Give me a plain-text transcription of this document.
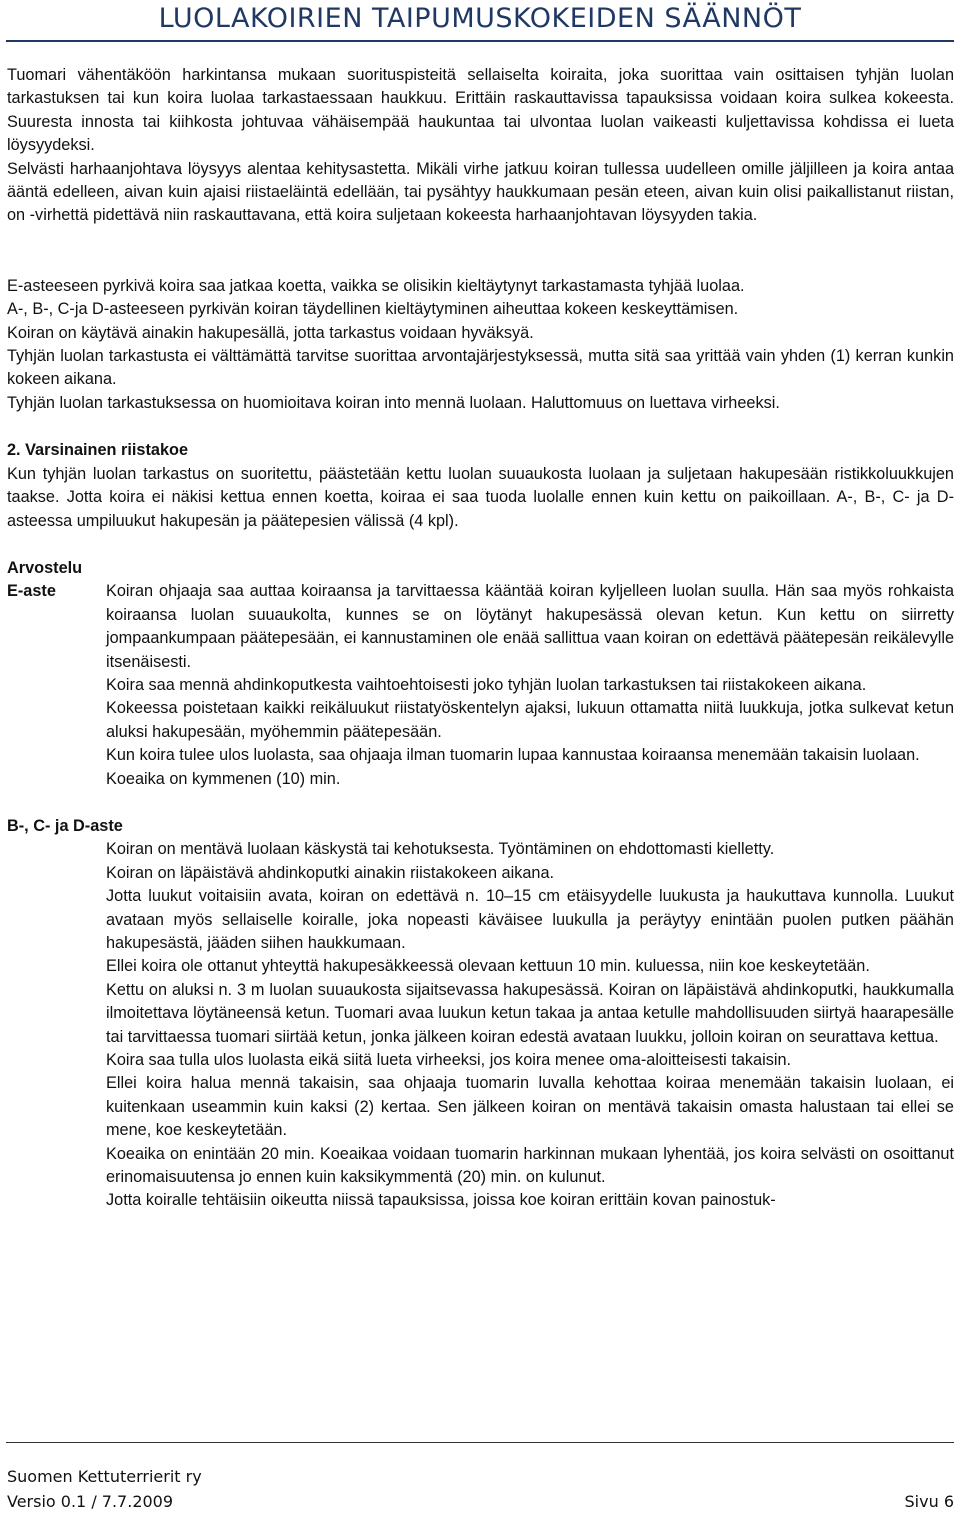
LUOLAKOIRIEN TAIPUMUSKOKEIDEN SÄÄNNÖT

Tuomari vähentäköön harkintansa mukaan suorituspisteitä sellaiselta koiraita, joka suorittaa vain osittaisen tyhjän luolan tarkastuksen tai kun koira luolaa tarkastaessaan haukkuu. Erittäin raskauttavissa tapauksissa voidaan koira sulkea kokeesta. Suuresta innosta tai kiihkosta johtuvaa vähäisempää haukuntaa tai ulvontaa luolan vaikeasti kuljettavissa kohdissa ei lueta löysyydeksi.

Selvästi harhaanjohtava löysyys alentaa kehitysastetta. Mikäli virhe jatkuu koiran tullessa uudelleen omille jäljilleen ja koira antaa ääntä edelleen, aivan kuin ajaisi riistaeläintä edellään, tai pysähtyy haukkumaan pesän eteen, aivan kuin olisi paikallistanut riistan, on -virhettä pidettävä niin raskauttavana, että koira suljetaan kokeesta harhaanjohtavan löysyyden takia.

E-asteeseen pyrkivä koira saa jatkaa koetta, vaikka se olisikin kieltäytynyt tarkastamasta tyhjää luolaa.

A-, B-, C-ja D-asteeseen pyrkivän koiran täydellinen kieltäytyminen aiheuttaa kokeen keskeyttämisen.

Koiran on käytävä ainakin hakupesällä, jotta tarkastus voidaan hyväksyä.

Tyhjän luolan tarkastusta ei välttämättä tarvitse suorittaa arvontajärjestyksessä, mutta sitä saa yrittää vain yhden (1) kerran kunkin kokeen aikana.

Tyhjän luolan tarkastuksessa on huomioitava koiran into mennä luolaan. Haluttomuus on luettava virheeksi.

2. Varsinainen riistakoe

Kun tyhjän luolan tarkastus on suoritettu, päästetään kettu luolan suuaukosta luolaan ja suljetaan hakupesään ristikkoluukkujen taakse. Jotta koira ei näkisi kettua ennen koetta, koiraa ei saa tuoda luolalle ennen kuin kettu on paikoillaan. A-, B-, C- ja D-asteessa umpiluukut hakupesän ja päätepesien välissä (4 kpl).

Arvostelu

E-aste	Koiran ohjaaja saa auttaa koiraansa ja tarvittaessa kääntää koiran kyljelleen luolan suulla. Hän saa myös rohkaista koiraansa luolan suuaukolta, kunnes se on löytänyt hakupesässä olevan ketun. Kun kettu on siirretty jompaankumpaan päätepesään, ei kannustaminen ole enää sallittua vaan koiran on edettävä päätepesän reikälevylle itsenäisesti.

Koira saa mennä ahdinkoputkesta vaihtoehtoisesti joko tyhjän luolan tarkastuksen tai riistakokeen aikana.

Kokeessa poistetaan kaikki reikäluukut riistatyöskentelyn ajaksi, lukuun ottamatta niitä luukkuja, jotka sulkevat ketun aluksi hakupesään, myöhemmin päätepesään.

Kun koira tulee ulos luolasta, saa ohjaaja ilman tuomarin lupaa kannustaa koiraansa menemään takaisin luolaan.

Koeaika on kymmenen (10) min.

B-, C- ja D-aste

Koiran on mentävä luolaan käskystä tai kehotuksesta. Työntäminen on ehdottomasti kielletty.

Koiran on läpäistävä ahdinkoputki ainakin riistakokeen aikana.

Jotta luukut voitaisiin avata, koiran on edettävä n. 10–15 cm etäisyydelle luukusta ja haukuttava kunnolla. Luukut avataan myös sellaiselle koiralle, joka nopeasti käväisee luukulla ja peräytyy enintään puolen putken päähän hakupesästä, jääden siihen haukkumaan.

Ellei koira ole ottanut yhteyttä hakupesäkkeessä olevaan kettuun 10 min. kuluessa, niin koe keskeytetään.

Kettu on aluksi n. 3 m luolan suuaukosta sijaitsevassa hakupesässä. Koiran on läpäistävä ahdinkoputki, haukkumalla ilmoitettava löytäneensä ketun. Tuomari avaa luukun ketun takaa ja antaa ketulle mahdollisuuden siirtyä haarapesälle tai tarvittaessa tuomari siirtää ketun, jonka jälkeen koiran edestä avataan luukku, jolloin koiran on seurattava kettua.

Koira saa tulla ulos luolasta eikä siitä lueta virheeksi, jos koira menee oma-aloitteisesti takaisin.

Ellei koira halua mennä takaisin, saa ohjaaja tuomarin luvalla kehottaa koiraa menemään takaisin luolaan, ei kuitenkaan useammin kuin kaksi (2) kertaa. Sen jälkeen koiran on mentävä takaisin omasta halustaan tai ellei se mene, koe keskeytetään.

Koeaika on enintään 20 min. Koeaikaa voidaan tuomarin harkinnan mukaan lyhentää, jos koira selvästi on osoittanut erinomaisuutensa jo ennen kuin kaksikymmentä (20) min. on kulunut.

Jotta koiralle tehtäisiin oikeutta niissä tapauksissa, joissa koe koiran erittäin kovan painostuk-

Suomen Kettuterrierit ry
Versio 0.1 / 7.7.2009	Sivu 6
